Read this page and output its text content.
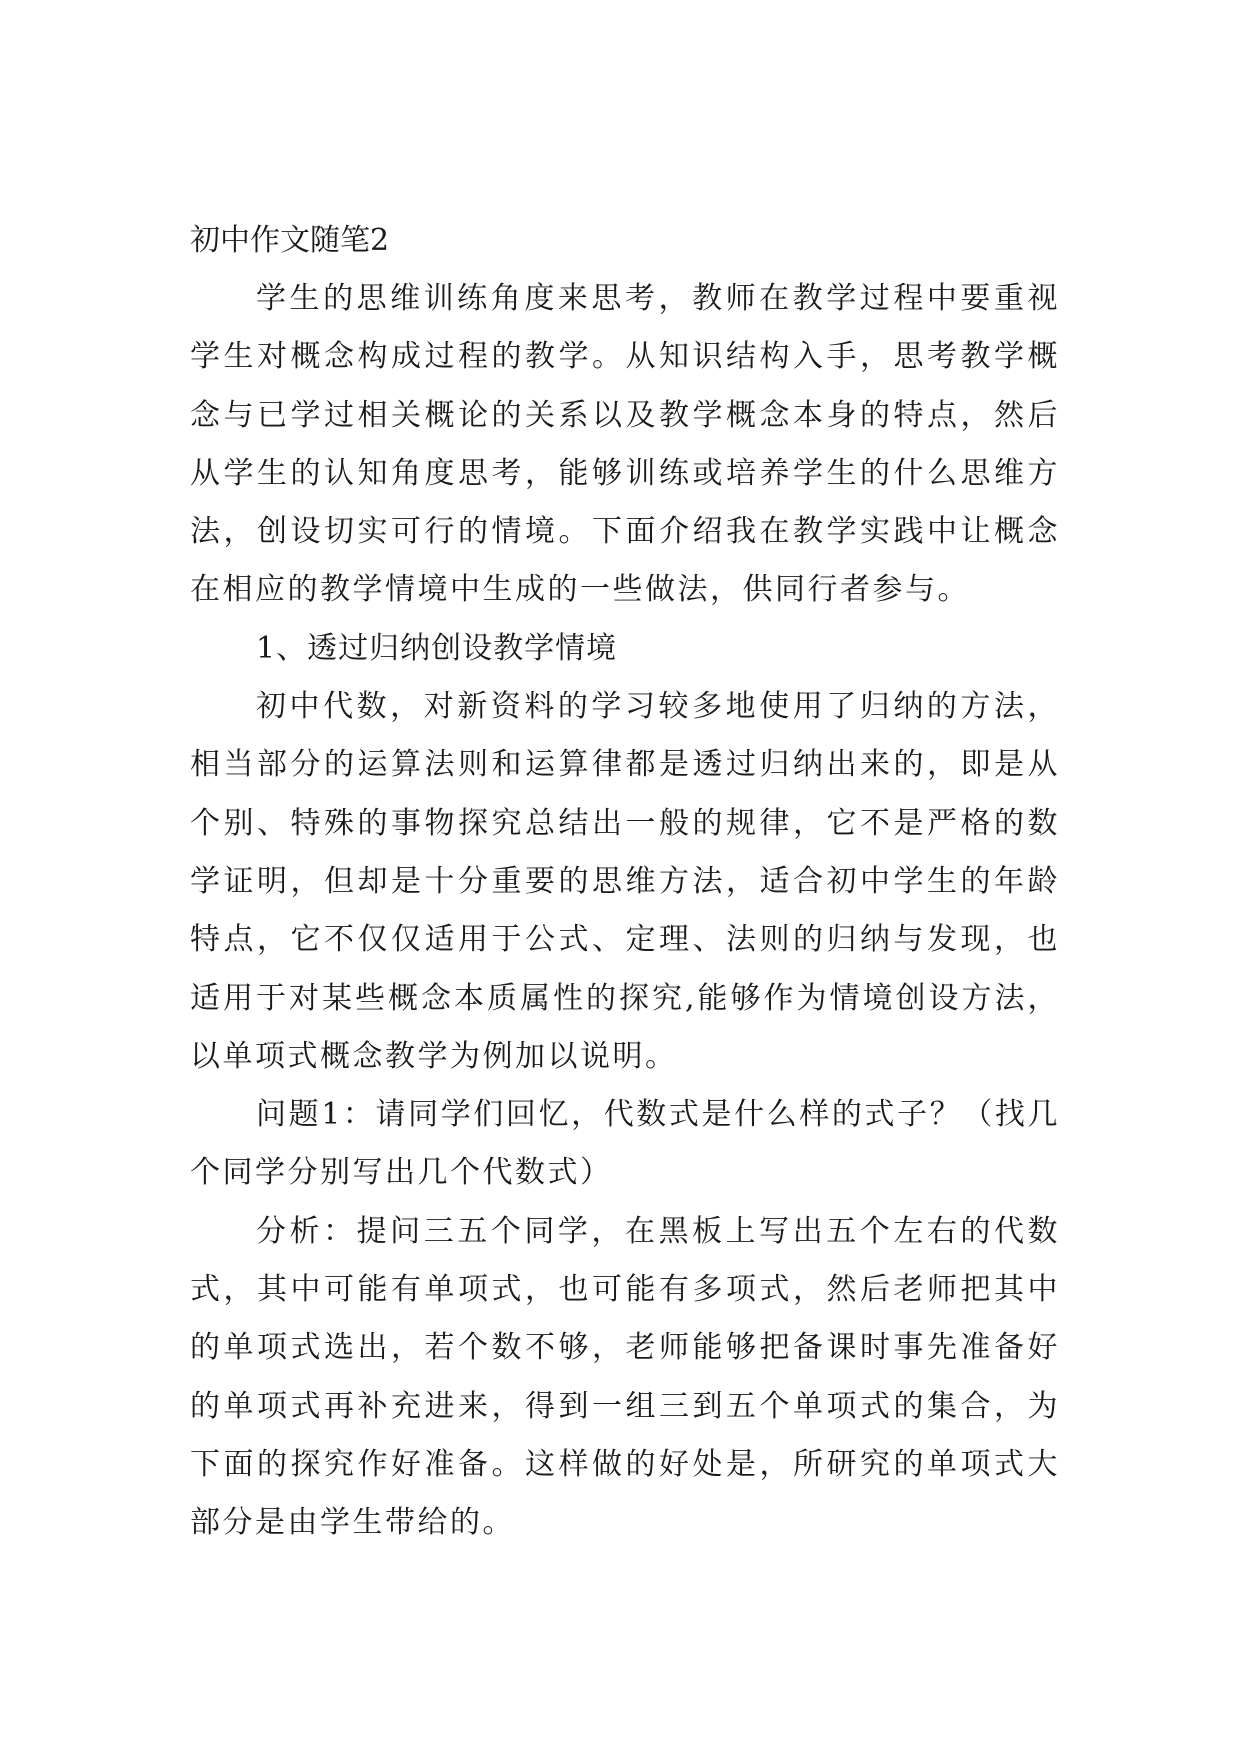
初中作文随笔2

学生的思维训练角度来思考，教师在教学过程中要重视学生对概念构成过程的教学。从知识结构入手，思考教学概念与已学过相关概论的关系以及教学概念本身的特点，然后从学生的认知角度思考，能够训练或培养学生的什么思维方法，创设切实可行的情境。下面介绍我在教学实践中让概念在相应的教学情境中生成的一些做法，供同行者参与。

1、透过归纳创设教学情境

初中代数，对新资料的学习较多地使用了归纳的方法，相当部分的运算法则和运算律都是透过归纳出来的，即是从个别、特殊的事物探究总结出一般的规律，它不是严格的数学证明，但却是十分重要的思维方法，适合初中学生的年龄特点，它不仅仅适用于公式、定理、法则的归纳与发现，也适用于对某些概念本质属性的探究,能够作为情境创设方法，以单项式概念教学为例加以说明。

问题1：请同学们回忆，代数式是什么样的式子？（找几个同学分别写出几个代数式）

分析：提问三五个同学，在黑板上写出五个左右的代数式，其中可能有单项式，也可能有多项式，然后老师把其中的单项式选出，若个数不够，老师能够把备课时事先准备好的单项式再补充进来，得到一组三到五个单项式的集合，为下面的探究作好准备。这样做的好处是，所研究的单项式大部分是由学生带给的。
